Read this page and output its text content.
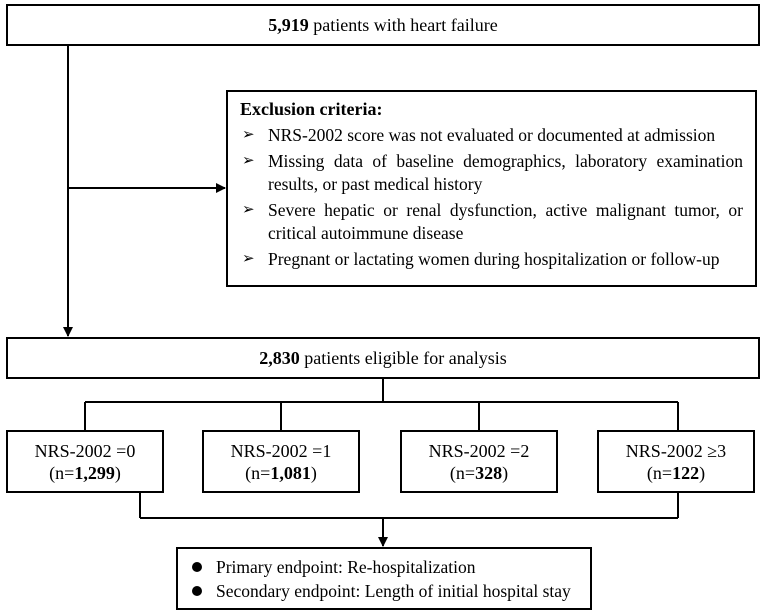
5,919 patients with heart failure
Exclusion criteria:
➢ NRS-2002 score was not evaluated or documented at admission
➢ Missing data of baseline demographics, laboratory examination results, or past medical history
➢ Severe hepatic or renal dysfunction, active malignant tumor, or critical autoimmune disease
➢ Pregnant or lactating women during hospitalization or follow-up
2,830 patients eligible for analysis
NRS-2002 =0
(n=1,299)
NRS-2002 =1
(n=1,081)
NRS-2002 =2
(n=328)
NRS-2002 ≥3
(n=122)
Primary endpoint: Re-hospitalization
Secondary endpoint: Length of initial hospital stay
